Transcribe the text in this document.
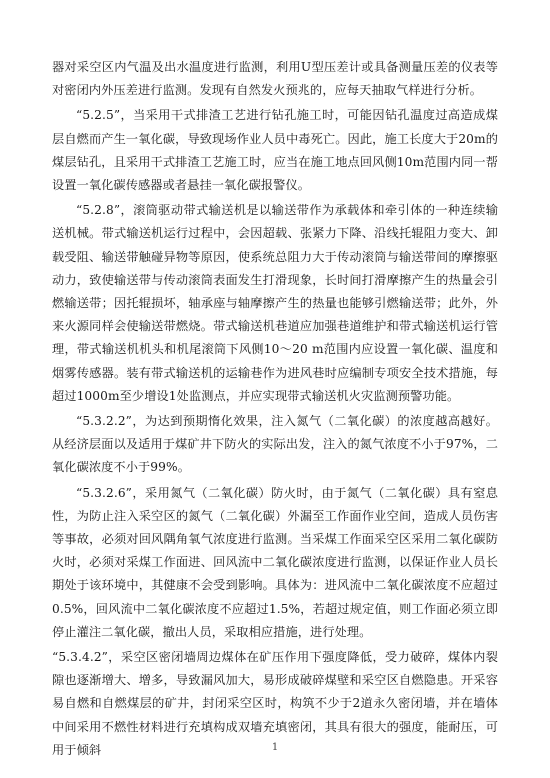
器对采空区内气温及出水温度进行监测，利用U型压差计或具备测量压差的仪表等对密闭内外压差进行监测。发现有自然发火预兆的，应每天抽取气样进行分析。

“5.2.5”，当采用干式排渣工艺进行钻孔施工时，可能因钻孔温度过高造成煤层自燃而产生一氧化碳，导致现场作业人员中毒死亡。因此，施工长度大于20m的煤层钻孔，且采用干式排渣工艺施工时，应当在施工地点回风侧10m范围内同一帮设置一氧化碳传感器或者悬挂一氧化碳报警仪。

“5.2.8”，滚筒驱动带式输送机是以输送带作为承载体和牵引体的一种连续输送机械。带式输送机运行过程中，会因超载、张紧力下降、沿线托辊阻力变大、卸载受阻、输送带触碰异物等原因，使系统总阻力大于传动滚筒与输送带间的摩擦驱动力，致使输送带与传动滚筒表面发生打滑现象，长时间打滑摩擦产生的热量会引燃输送带；因托辊损坏，轴承座与轴摩擦产生的热量也能够引燃输送带；此外，外来火源同样会使输送带燃烧。带式输送机巷道应加强巷道维护和带式输送机运行管理，带式输送机机头和机尾滚筒下风侧10～20 m范围内应设置一氧化碳、温度和烟雾传感器。装有带式输送机的运输巷作为进风巷时应编制专项安全技术措施，每超过1000m至少增设1处监测点，并应实现带式输送机火灾监测预警功能。

“5.3.2.2”，为达到预期惰化效果，注入氮气（二氧化碳）的浓度越高越好。从经济层面以及适用于煤矿井下防火的实际出发，注入的氮气浓度不小于97%，二氧化碳浓度不小于99%。

“5.3.2.6”，采用氮气（二氧化碳）防火时，由于氮气（二氧化碳）具有窒息性，为防止注入采空区的氮气（二氧化碳）外漏至工作面作业空间，造成人员伤害等事故，必须对回风隅角氧气浓度进行监测。当采煤工作面采空区采用二氧化碳防火时，必须对采煤工作面进、回风流中二氧化碳浓度进行监测，以保证作业人员长期处于该环境中，其健康不会受到影响。具体为：进风流中二氧化碳浓度不应超过0.5%，回风流中二氧化碳浓度不应超过1.5%，若超过规定值，则工作面必须立即停止灌注二氧化碳，撤出人员，采取相应措施，进行处理。

“5.3.4.2”，采空区密闭墙周边煤体在矿压作用下强度降低，受力破碎，煤体内裂隙也逐渐增大、增多，导致漏风加大，易形成破碎煤壁和采空区自燃隐患。开采容易自燃和自燃煤层的矿井，封闭采空区时，构筑不少于2道永久密闭墙，并在墙体中间采用不燃性材料进行充填构成双墙充填密闭，其具有很大的强度，能耐压，可用于倾斜	1
